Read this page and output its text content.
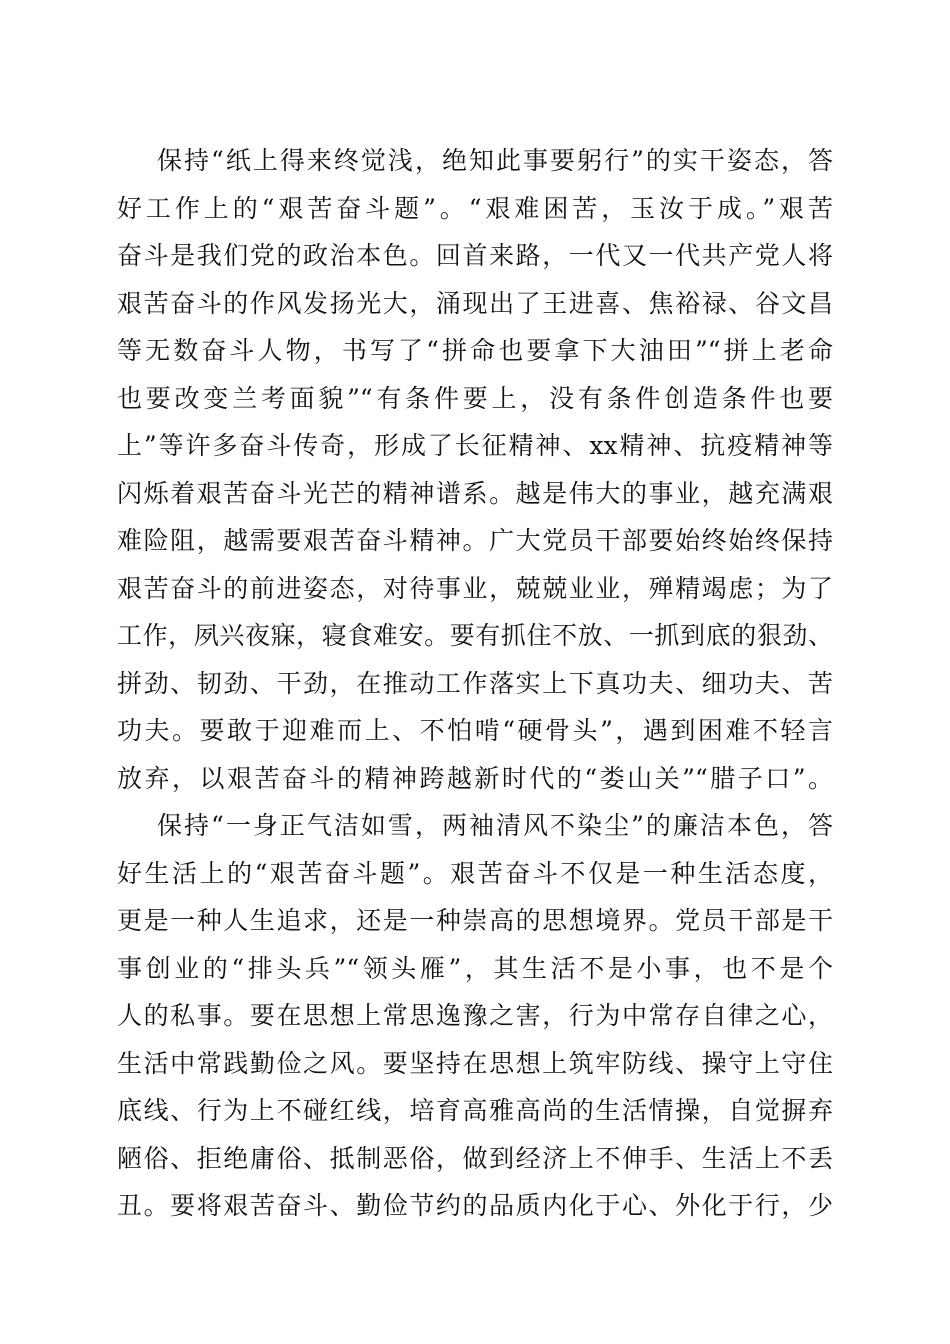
保持“纸上得来终觉浅，绝知此事要躬行”的实干姿态，答
好工作上的“艰苦奋斗题”。“艰难困苦，玉汝于成。”艰苦
奋斗是我们党的政治本色。回首来路，一代又一代共产党人将
艰苦奋斗的作风发扬光大，涌现出了王进喜、焦裕禄、谷文昌
等无数奋斗人物，书写了“拼命也要拿下大油田”“拼上老命
也要改变兰考面貌”“有条件要上，没有条件创造条件也要
上”等许多奋斗传奇，形成了长征精神、xx精神、抗疫精神等
闪烁着艰苦奋斗光芒的精神谱系。越是伟大的事业，越充满艰
难险阻，越需要艰苦奋斗精神。广大党员干部要始终始终保持
艰苦奋斗的前进姿态，对待事业，兢兢业业，殚精竭虑；为了
工作，夙兴夜寐，寝食难安。要有抓住不放、一抓到底的狠劲、
拼劲、韧劲、干劲，在推动工作落实上下真功夫、细功夫、苦
功夫。要敢于迎难而上、不怕啃“硬骨头”，遇到困难不轻言
放弃，以艰苦奋斗的精神跨越新时代的“娄山关”“腊子口”。
保持“一身正气洁如雪，两袖清风不染尘”的廉洁本色，答
好生活上的“艰苦奋斗题”。艰苦奋斗不仅是一种生活态度，
更是一种人生追求，还是一种崇高的思想境界。党员干部是干
事创业的“排头兵”“领头雁”，其生活不是小事，也不是个
人的私事。要在思想上常思逸豫之害，行为中常存自律之心，
生活中常践勤俭之风。要坚持在思想上筑牢防线、操守上守住
底线、行为上不碰红线，培育高雅高尚的生活情操，自觉摒弃
陋俗、拒绝庸俗、抵制恶俗，做到经济上不伸手、生活上不丢
丑。要将艰苦奋斗、勤俭节约的品质内化于心、外化于行，少
